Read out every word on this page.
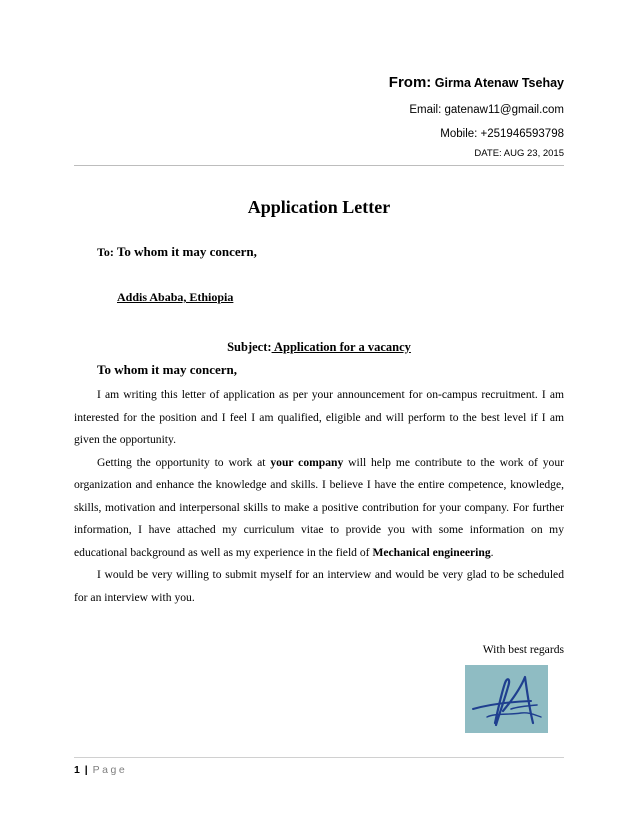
From: Girma Atenaw Tsehay
Email: gatenaw11@gmail.com
Mobile: +251946593798
DATE: AUG 23, 2015
Application Letter
To: To whom it may concern,
Addis Ababa, Ethiopia
Subject: Application for a vacancy
To whom it may concern,

I am writing this letter of application as per your announcement for on-campus recruitment. I am interested for the position and I feel I am qualified, eligible and will perform to the best level if I am given the opportunity.

Getting the opportunity to work at your company will help me contribute to the work of your organization and enhance the knowledge and skills. I believe I have the entire competence, knowledge, skills, motivation and interpersonal skills to make a positive contribution for your company. For further information, I have attached my curriculum vitae to provide you with some information on my educational background as well as my experience in the field of Mechanical engineering.

I would be very willing to submit myself for an interview and would be very glad to be scheduled for an interview with you.

With best regards
1 | Page
